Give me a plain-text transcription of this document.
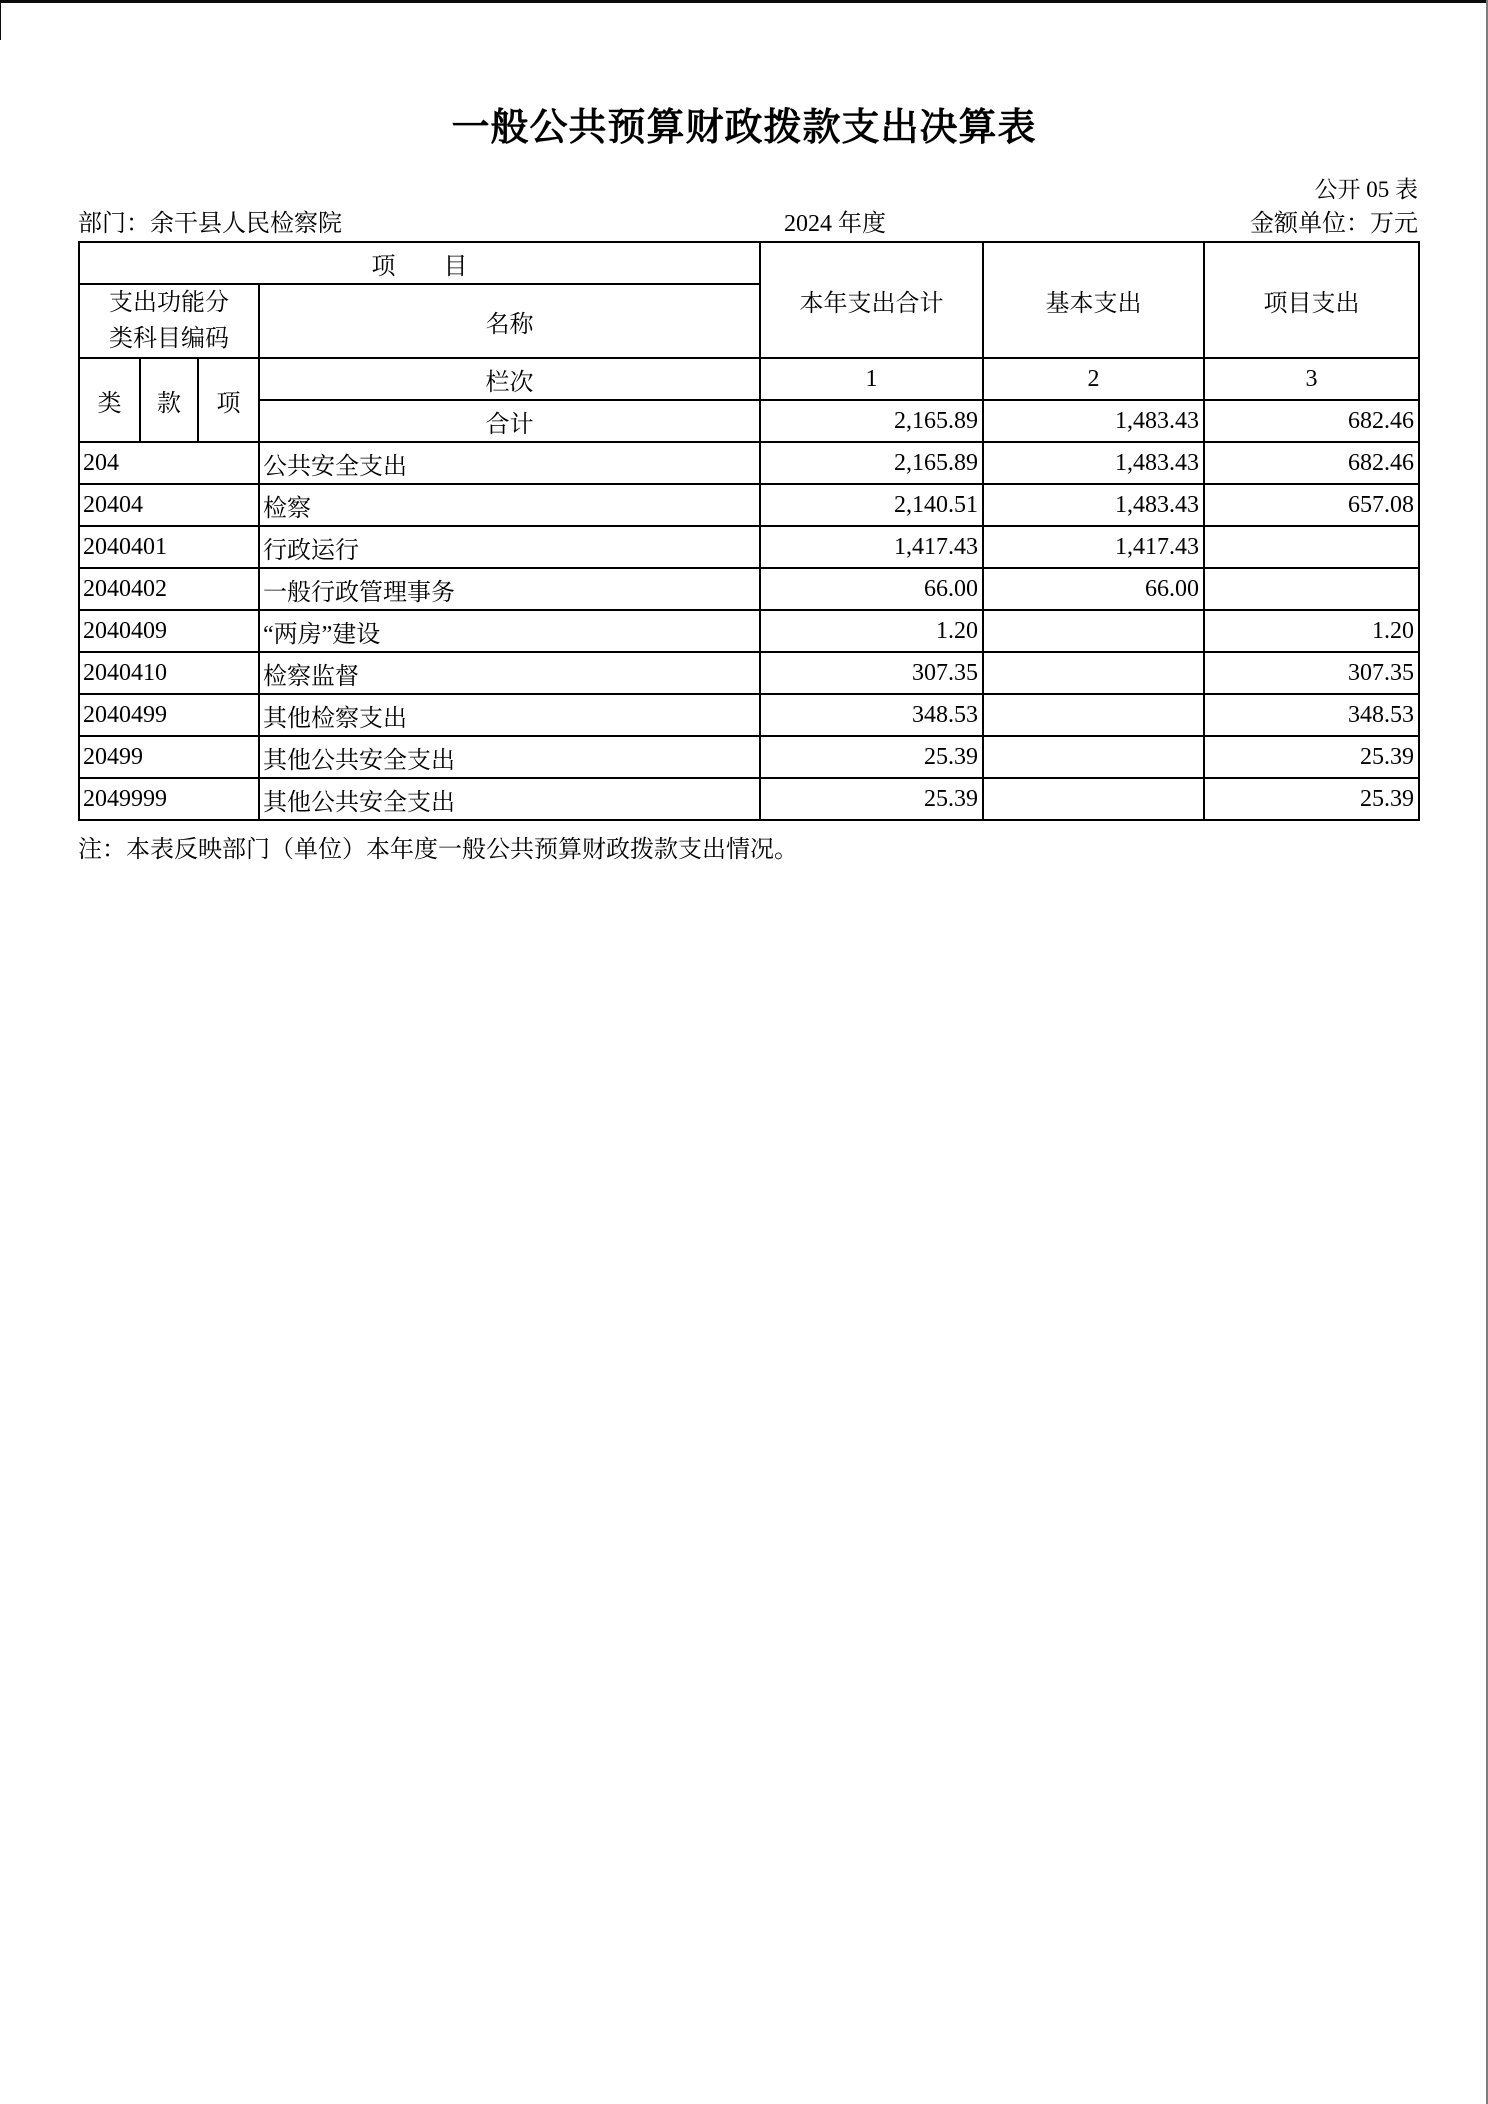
一般公共预算财政拨款支出决算表
公开 05 表
部门：余干县人民检察院	2024 年度	金额单位：万元
项　　目				本年支出合计	基本支出	项目支出

支出功能分
类科目编码			名称			
类	款	项	栏次	1	2	3
			合计	2,165.89	1,483.43	682.46
204			公共安全支出	2,165.89	1,483.43	682.46
20404			检察	2,140.51	1,483.43	657.08
2040401			行政运行	1,417.43	1,417.43	
2040402			一般行政管理事务	66.00	66.00	
2040409			“两房”建设	1.20		1.20
2040410			检察监督	307.35		307.35
2040499			其他检察支出	348.53		348.53
20499			其他公共安全支出	25.39		25.39
2049999			其他公共安全支出	25.39		25.39
注：本表反映部门（单位）本年度一般公共预算财政拨款支出情况。
